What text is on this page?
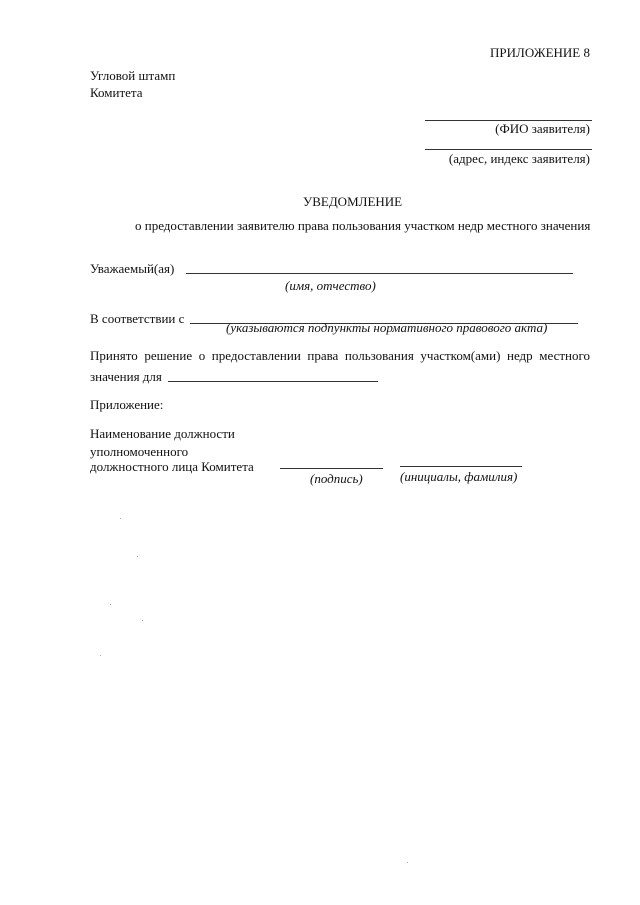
ПРИЛОЖЕНИЕ 8
Угловой штамп
Комитета
(ФИО заявителя)
(адрес, индекс заявителя)
УВЕДОМЛЕНИЕ
о предоставлении заявителю права пользования участком недр местного значения
Уважаемый(ая)
(имя, отчество)
В соответствии с
(указываются подпункты нормативного правового акта)
Принято решение о предоставлении права пользования участком(ами) недр местного
значения для
Приложение:
Наименование должности
уполномоченного
должностного лица Комитета
(подпись)	(инициалы, фамилия)
